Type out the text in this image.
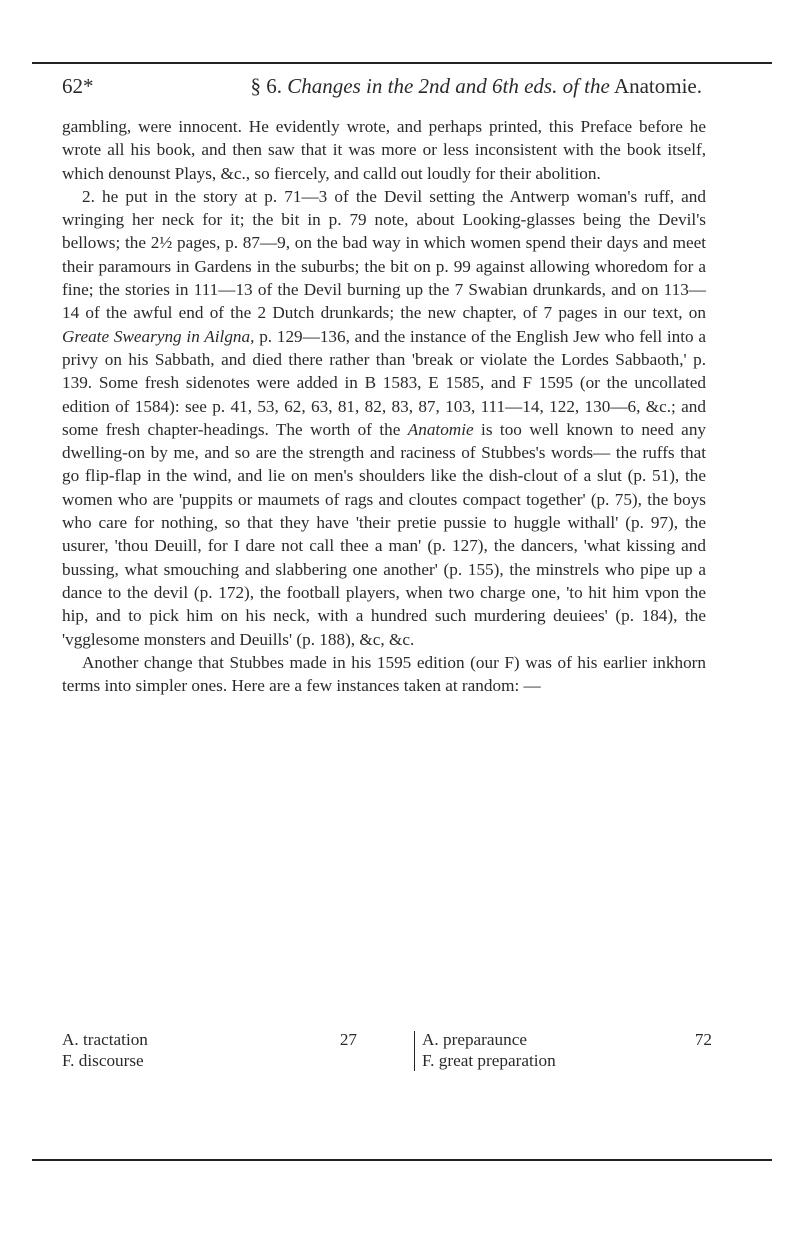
62*	§ 6. Changes in the 2nd and 6th eds. of the Anatomie.

gambling, were innocent. He evidently wrote, and perhaps printed, this Preface before he wrote all his book, and then saw that it was more or less inconsistent with the book itself, which denounst Plays, &c., so fiercely, and calld out loudly for their abolition.

2. he put in the story at p. 71—3 of the Devil setting the Antwerp woman's ruff, and wringing her neck for it; the bit in p. 79 note, about Looking-glasses being the Devil's bellows; the 2½ pages, p. 87—9, on the bad way in which women spend their days and meet their paramours in Gardens in the suburbs; the bit on p. 99 against allowing whoredom for a fine; the stories in 111—13 of the Devil burning up the 7 Swabian drunkards, and on 113—14 of the awful end of the 2 Dutch drunkards; the new chapter, of 7 pages in our text, on Greate Swearyng in Ailgna, p. 129—136, and the instance of the English Jew who fell into a privy on his Sabbath, and died there rather than 'break or violate the Lordes Sabbaoth,' p. 139. Some fresh sidenotes were added in B 1583, E 1585, and F 1595 (or the uncollated edition of 1584): see p. 41, 53, 62, 63, 81, 82, 83, 87, 103, 111—14, 122, 130—6, &c.; and some fresh chapter-headings. The worth of the Anatomie is too well known to need any dwelling-on by me, and so are the strength and raciness of Stubbes's words— the ruffs that go flip-flap in the wind, and lie on men's shoulders like the dish-clout of a slut (p. 51), the women who are 'puppits or maumets of rags and cloutes compact together' (p. 75), the boys who care for nothing, so that they have 'their pretie pussie to huggle withall' (p. 97), the usurer, 'thou Deuill, for I dare not call thee a man' (p. 127), the dancers, 'what kissing and bussing, what smouching and slabbering one another' (p. 155), the minstrels who pipe up a dance to the devil (p. 172), the football players, when two charge one, 'to hit him vpon the hip, and to pick him on his neck, with a hundred such murdering deuiees' (p. 184), the 'vgglesome monsters and Deuills' (p. 188), &c, &c.

Another change that Stubbes made in his 1595 edition (our F) was of his earlier inkhorn terms into simpler ones. Here are a few instances taken at random: —

A. tractation	27
F. discourse
A. preparaunce	72
F. great preparation
